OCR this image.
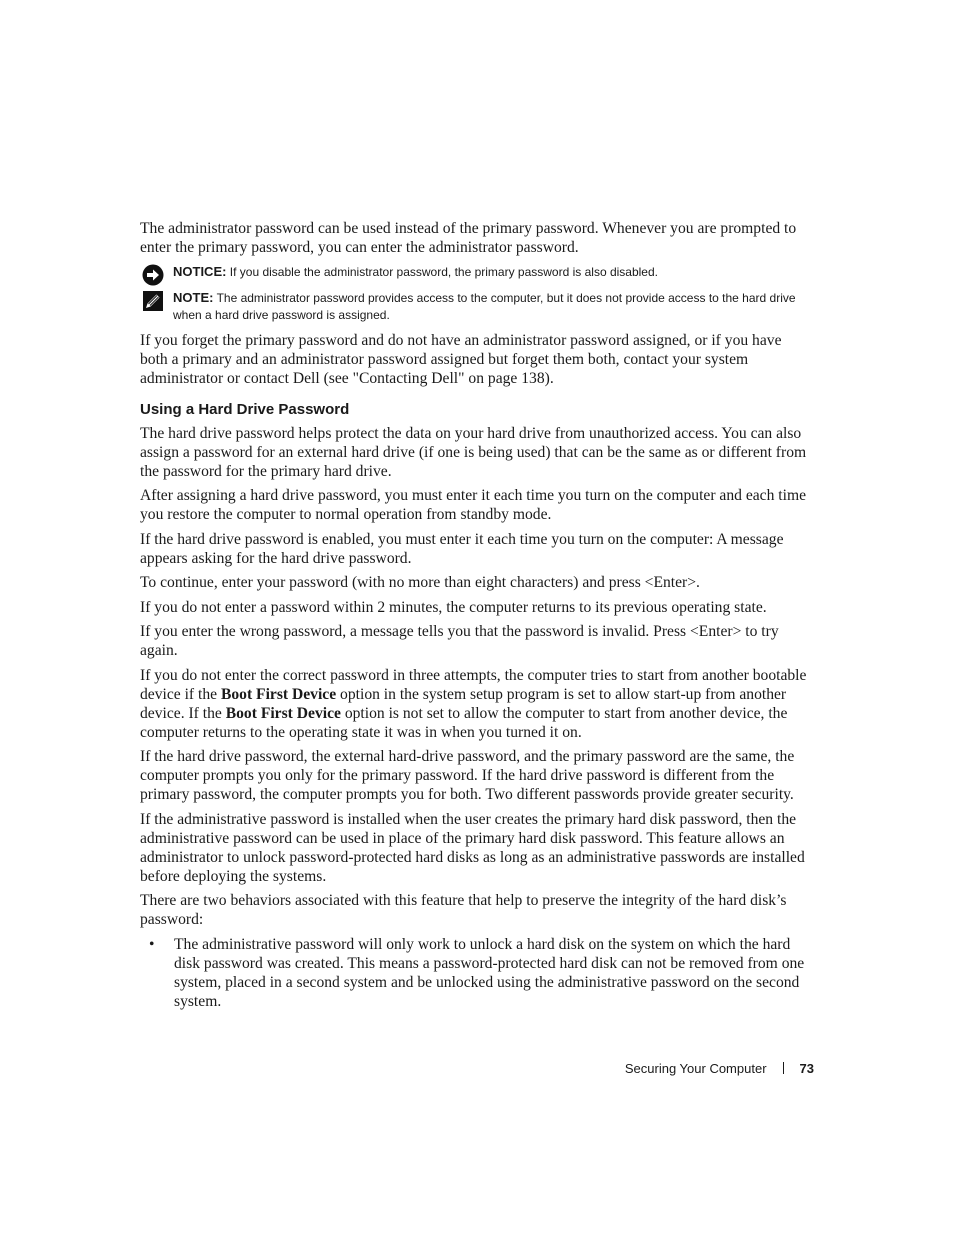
The administrator password can be used instead of the primary password. Whenever you are prompted to enter the primary password, you can enter the administrator password.

NOTICE: If you disable the administrator password, the primary password is also disabled.
NOTE: The administrator password provides access to the computer, but it does not provide access to the hard drive when a hard drive password is assigned.

If you forget the primary password and do not have an administrator password assigned, or if you have both a primary and an administrator password assigned but forget them both, contact your system administrator or contact Dell (see "Contacting Dell" on page 138).

Using a Hard Drive Password

The hard drive password helps protect the data on your hard drive from unauthorized access. You can also assign a password for an external hard drive (if one is being used) that can be the same as or different from the password for the primary hard drive.

After assigning a hard drive password, you must enter it each time you turn on the computer and each time you restore the computer to normal operation from standby mode.

If the hard drive password is enabled, you must enter it each time you turn on the computer: A message appears asking for the hard drive password.

To continue, enter your password (with no more than eight characters) and press <Enter>.

If you do not enter a password within 2 minutes, the computer returns to its previous operating state.

If you enter the wrong password, a message tells you that the password is invalid. Press <Enter> to try again.

If you do not enter the correct password in three attempts, the computer tries to start from another bootable device if the Boot First Device option in the system setup program is set to allow start-up from another device. If the Boot First Device option is not set to allow the computer to start from another device, the computer returns to the operating state it was in when you turned it on.

If the hard drive password, the external hard-drive password, and the primary password are the same, the computer prompts you only for the primary password. If the hard drive password is different from the primary password, the computer prompts you for both. Two different passwords provide greater security.

If the administrative password is installed when the user creates the primary hard disk password, then the administrative password can be used in place of the primary hard disk password. This feature allows an administrator to unlock password-protected hard disks as long as an administrative passwords are installed before deploying the systems.

There are two behaviors associated with this feature that help to preserve the integrity of the hard disk’s password:

• The administrative password will only work to unlock a hard disk on the system on which the hard disk password was created. This means a password-protected hard disk can not be removed from one system, placed in a second system and be unlocked using the administrative password on the second system.
Securing Your Computer	73
